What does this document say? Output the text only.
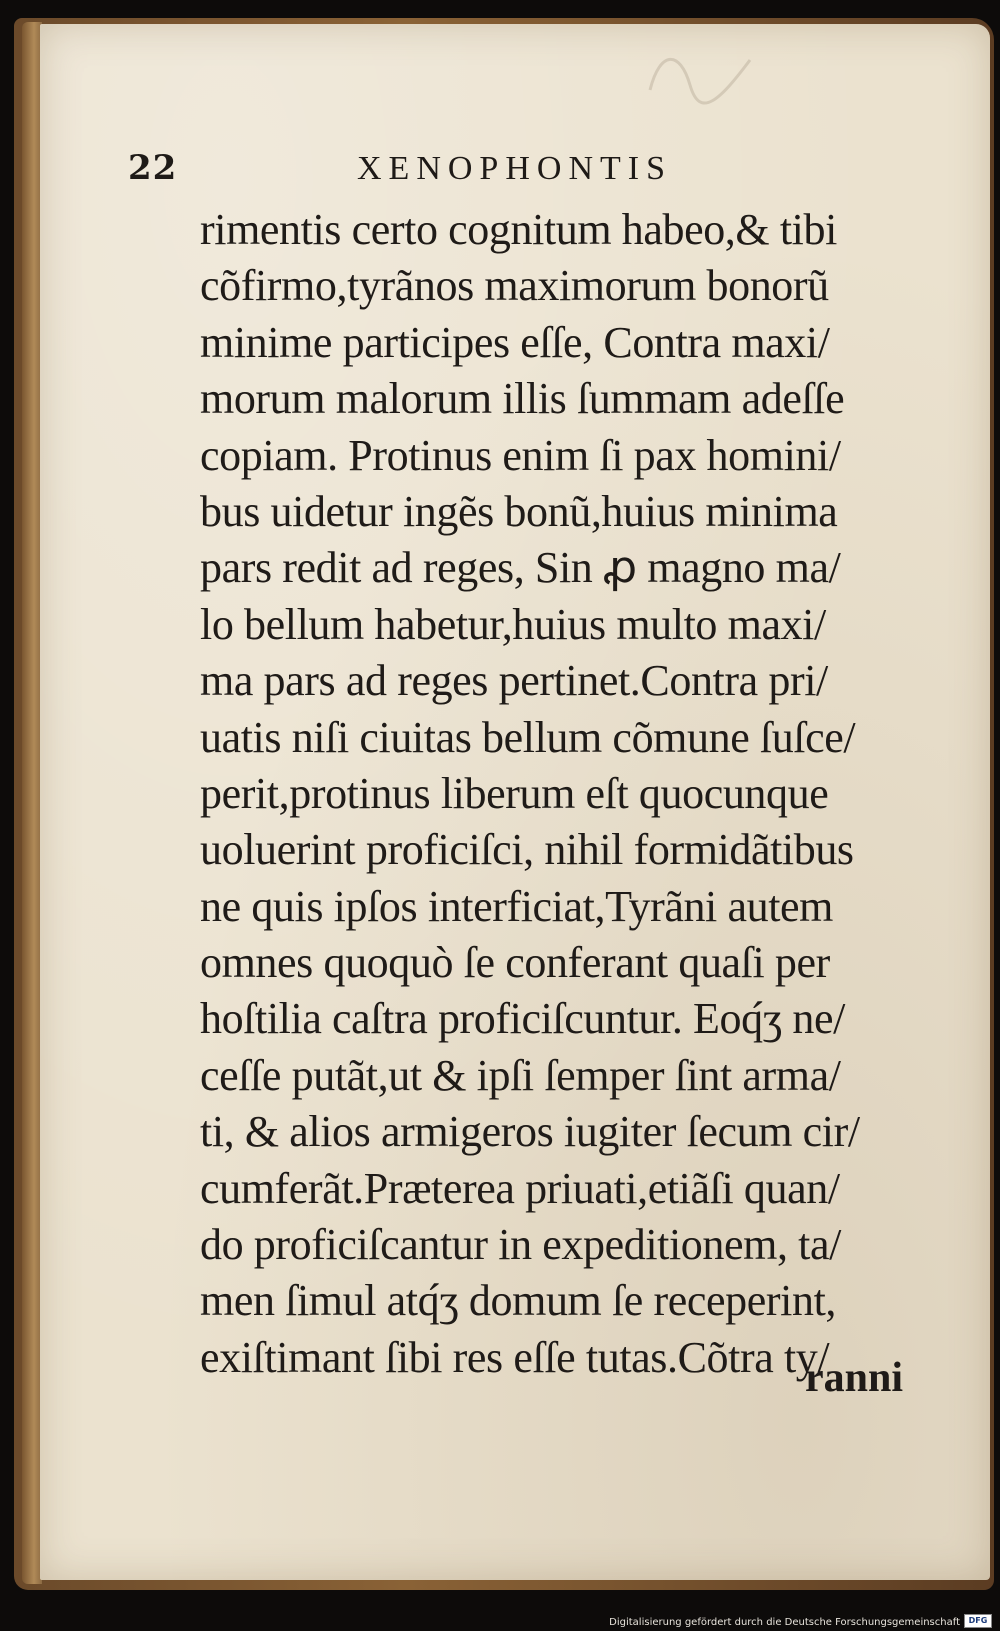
22	XENOPHONTIS
rimentis certo cognitum habeo,& tibi
cõfirmo,tyrãnos maximorum bonorũ
minime participes eſſe, Contra maxi/
morum malorum illis ſummam adeſſe
copiam. Protinus enim ſi pax homini/
bus uidetur ingẽs bonũ,huius minima
pars redit ad reges, Sin ꝓ magno ma/
lo bellum habetur,huius multo maxi/
ma pars ad reges pertinet.Contra pri/
uatis niſi ciuitas bellum cõmune ſuſce/
perit,protinus liberum eſt quocunque
uoluerint proficiſci, nihil formidãtibus
ne quis ipſos interficiat,Tyrãni autem
omnes quoquò ſe conferant quaſi per
hoſtilia caſtra proficiſcuntur. Eoq́ʒ ne/
ceſſe putãt,ut & ipſi ſemper ſint arma/
ti, & alios armigeros iugiter ſecum cir/
cumferãt.Præterea priuati,etiãſi quan/
do proficiſcantur in expeditionem, ta/
men ſimul atq́ʒ domum ſe receperint,
exiſtimant ſibi res eſſe tutas.Cõtra ty/
ranni
Digitalisierung gefördert durch die Deutsche Forschungsgemeinschaft	DFG
